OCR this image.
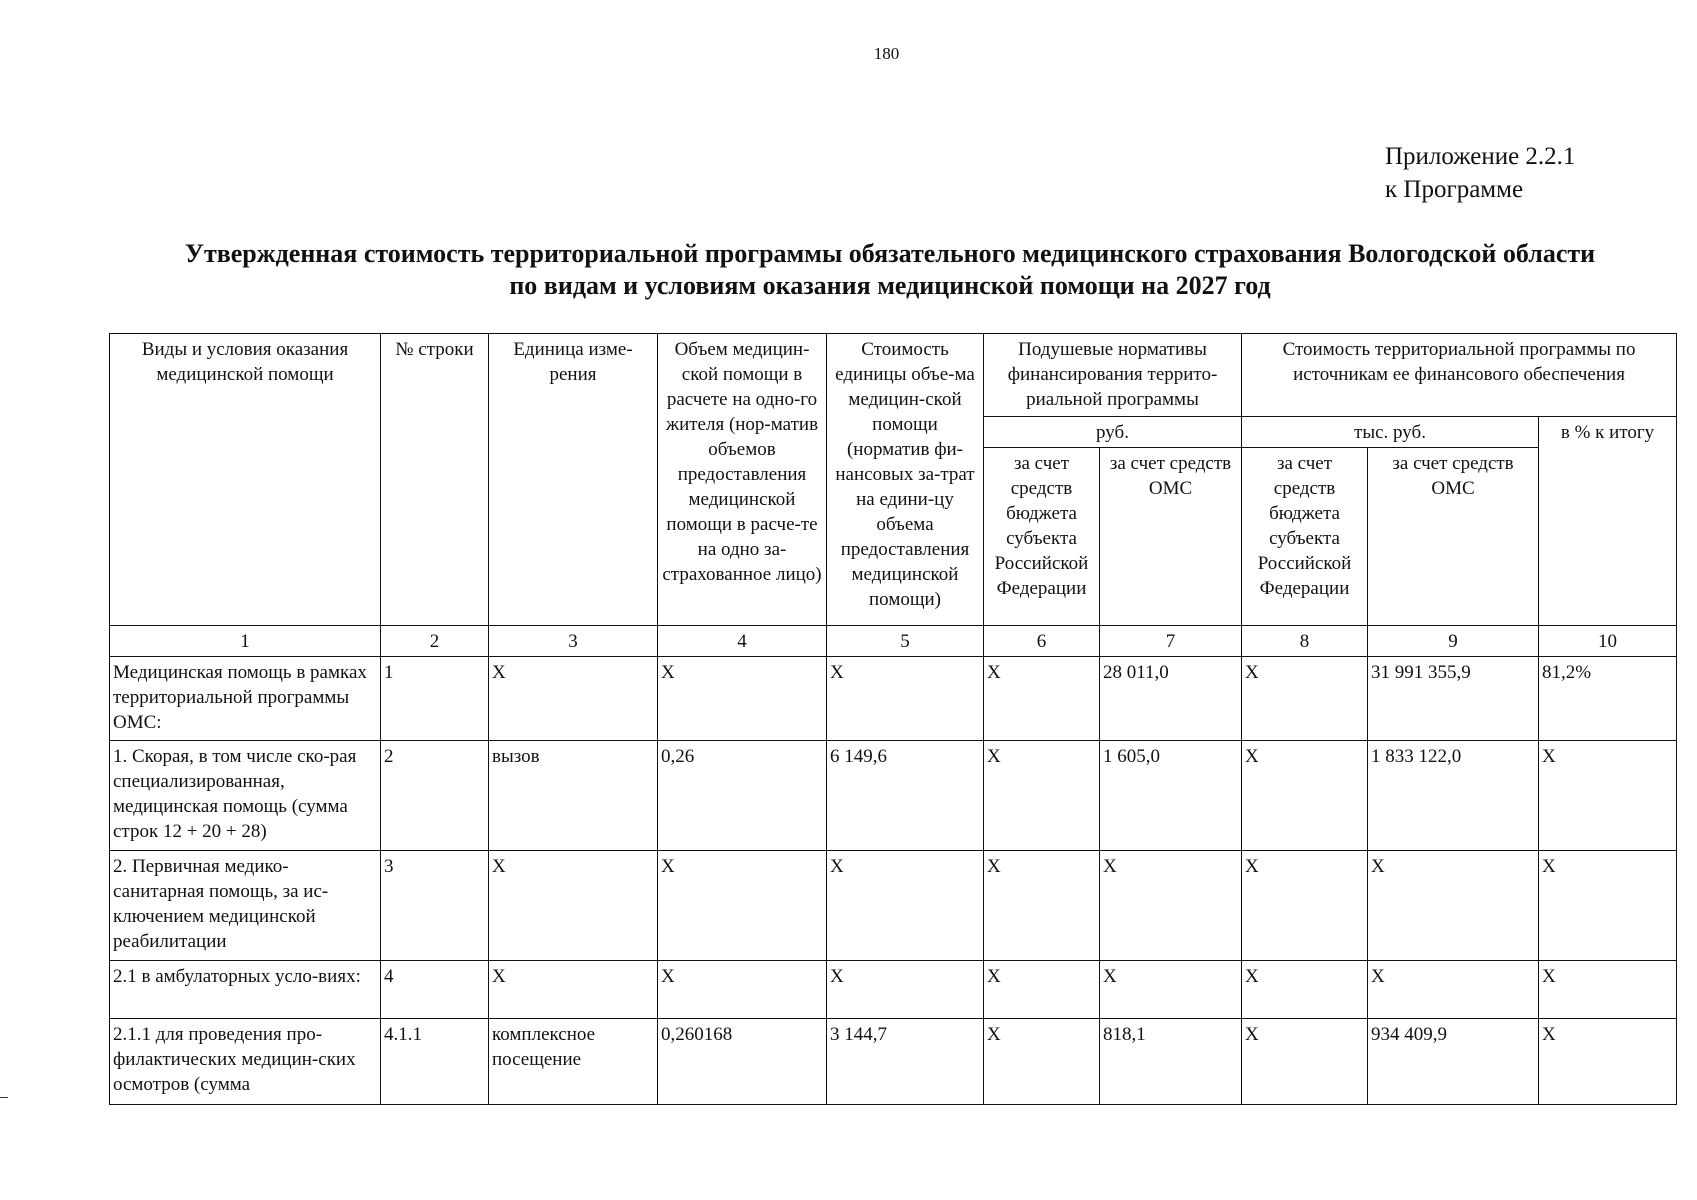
180
Приложение 2.2.1
к Программе
Утвержденная стоимость территориальной программы обязательного медицинского страхования Вологодской области
по видам и условиям оказания медицинской помощи на 2027 год
Виды и условия оказания медицинской помощи	№ строки	Единица изме-рения	Объем медицин-ской помощи в расчете на одно-го жителя (нор-матив объемов предоставления медицинской помощи в расче-те на одно за-страхованное лицо)	Стоимость единицы объе-ма медицин-ской помощи (норматив фи-нансовых за-трат на едини-цу объема предоставления медицинской помощи)	Подушевые нормативы финансирования террито-риальной программы		Стоимость территориальной программы по источникам ее финансового обеспечения		
					руб.		тыс. руб.		в % к итогу
					за счет средств бюджета субъекта Российской Федерации	за счет средств ОМС	за счет средств бюджета субъекта Российской Федерации	за счет средств ОМС	
1	2	3	4	5	6	7	8	9	10
Медицинская помощь в рамках территориальной программы ОМС:	1	Х	Х	Х	Х	28 011,0	Х	31 991 355,9	81,2%
1. Скорая, в том числе ско-рая специализированная, медицинская помощь (сумма строк 12 + 20 + 28)	2	вызов	0,26	6 149,6	Х	1 605,0	Х	1 833 122,0	Х
2. Первичная медико-санитарная помощь, за ис-ключением медицинской реабилитации	3	Х	Х	Х	Х	Х	Х	Х	Х
2.1 в амбулаторных усло-виях:	4	Х	Х	Х	Х	Х	Х	Х	Х
2.1.1 для проведения про-филактических медицин-ских осмотров (сумма	4.1.1	комплексное посещение	0,260168	3 144,7	Х	818,1	Х	934 409,9	Х
